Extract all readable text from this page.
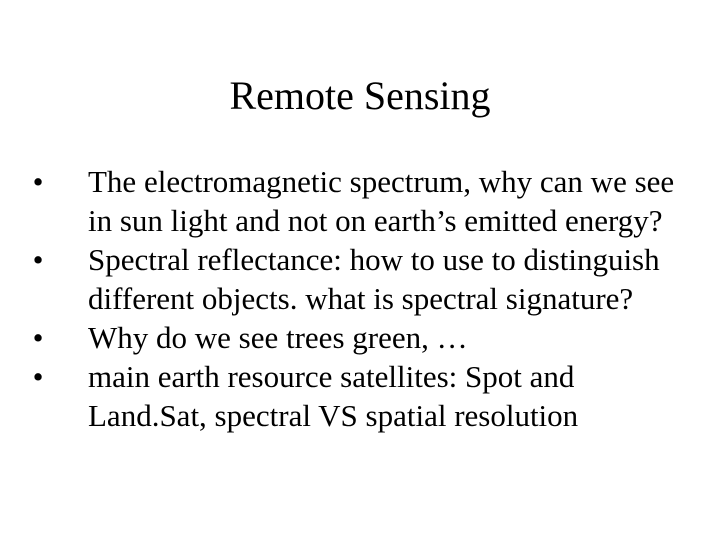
Remote Sensing
• The electromagnetic spectrum, why can we see in sun light and not on earth’s emitted energy?
• Spectral reflectance: how to use to distinguish different objects. what is spectral signature?
• Why do we see trees green, …
• main earth resource satellites: Spot and Land.Sat, spectral VS spatial resolution
